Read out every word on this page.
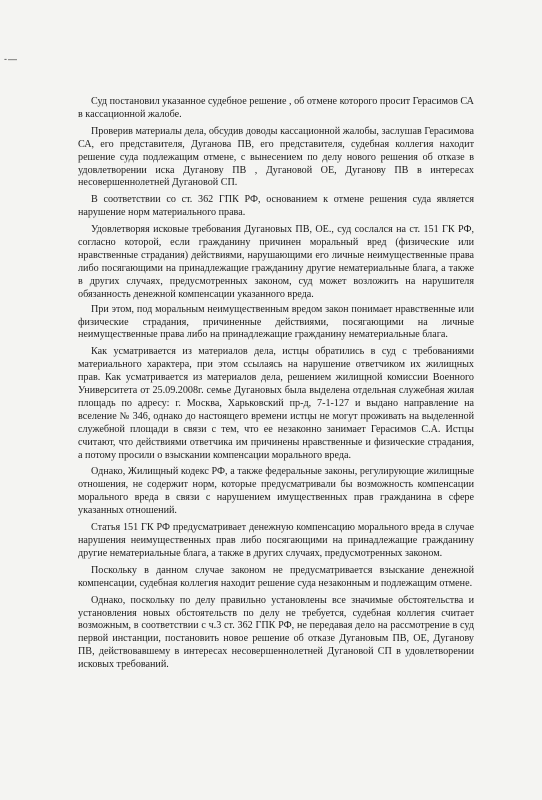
-—

Суд постановил указанное судебное решение , об отмене которого просит Герасимов СА в кассационной жалобе.

Проверив материалы дела, обсудив доводы кассационной жалобы, заслушав Герасимова СА, его представителя, Дуганова ПВ, его представителя, судебная коллегия находит решение суда подлежащим отмене, с вынесением по делу нового решения об отказе в удовлетворении иска Дуганову ПВ , Дугановой ОЕ, Дуганову ПВ в интересах несовершеннолетней Дугановой СП.

В соответствии со ст. 362 ГПК РФ, основанием к отмене решения суда является нарушение норм материального права.

Удовлетворяя исковые требования Дугановых ПВ, ОЕ., суд сослался на ст. 151 ГК РФ, согласно которой, если гражданину причинен моральный вред (физические или нравственные страдания) действиями, нарушающими его личные неимущественные права либо посягающими на принадлежащие гражданину другие нематериальные блага, а также в других случаях, предусмотренных законом, суд может возложить на нарушителя обязанность денежной компенсации указанного вреда.

При этом, под моральным неимущественным вредом закон понимает нравственные или физические страдания, причиненные действиями, посягающими на личные неимущественные права либо на принадлежащие гражданину нематериальные блага.

Как усматривается из материалов дела, истцы обратились в суд с требованиями материального характера, при этом ссылаясь на нарушение ответчиком их жилищных прав. Как усматривается из материалов дела, решением жилищной комиссии Военного Университета от 25.09.2008г. семье Дугановых была выделена отдельная служебная жилая площадь по адресу: г. Москва, Харьковский пр-д, 7-1-127 и выдано направление на вселение № 346, однако до настоящего времени истцы не могут проживать на выделенной служебной площади в связи с тем, что ее незаконно занимает Герасимов С.А. Истцы считают, что действиями ответчика им причинены нравственные и физические страдания, а потому просили о взыскании компенсации морального вреда.

Однако, Жилищный кодекс РФ, а также федеральные законы, регулирующие жилищные отношения, не содержит норм, которые предусматривали бы возможность компенсации морального вреда в связи с нарушением имущественных прав гражданина в сфере указанных отношений.

Статья 151 ГК РФ предусматривает денежную компенсацию морального вреда в случае нарушения неимущественных прав либо посягающими на принадлежащие гражданину другие нематериальные блага, а также в других случаях, предусмотренных законом.

Поскольку в данном случае законом не предусматривается взыскание денежной компенсации, судебная коллегия находит решение суда незаконным и подлежащим отмене.

Однако, поскольку по делу правильно установлены все значимые обстоятельства и установления новых обстоятельств по делу не требуется, судебная коллегия считает возможным, в соответствии с ч.3 ст. 362 ГПК РФ, не передавая дело на рассмотрение в суд первой инстанции, постановить новое решение об отказе Дугановым ПВ, ОЕ, Дуганову ПВ, действовавшему в интересах несовершеннолетней Дугановой СП в удовлетворении исковых требований.
